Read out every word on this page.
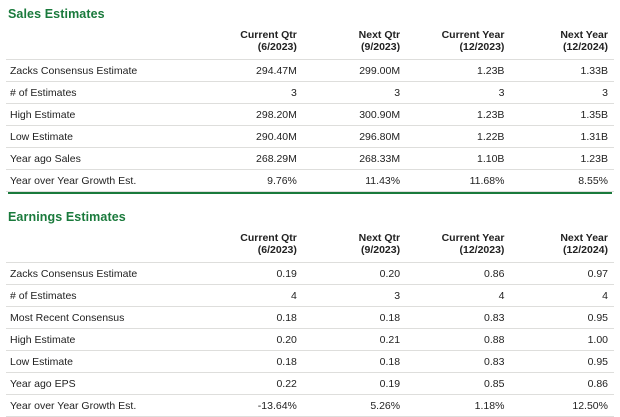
Sales Estimates
	Current Qtr	Next Qtr	Current Year	Next Year
	(6/2023)	(9/2023)	(12/2023)	(12/2024)
Zacks Consensus Estimate	294.47M	299.00M	1.23B	1.33B
# of Estimates	3	3	3	3
High Estimate	298.20M	300.90M	1.23B	1.35B
Low Estimate	290.40M	296.80M	1.22B	1.31B
Year ago Sales	268.29M	268.33M	1.10B	1.23B
Year over Year Growth Est.	9.76%	11.43%	11.68%	8.55%
Earnings Estimates
	Current Qtr	Next Qtr	Current Year	Next Year
	(6/2023)	(9/2023)	(12/2023)	(12/2024)
Zacks Consensus Estimate	0.19	0.20	0.86	0.97
# of Estimates	4	3	4	4
Most Recent Consensus	0.18	0.18	0.83	0.95
High Estimate	0.20	0.21	0.88	1.00
Low Estimate	0.18	0.18	0.83	0.95
Year ago EPS	0.22	0.19	0.85	0.86
Year over Year Growth Est.	-13.64%	5.26%	1.18%	12.50%
